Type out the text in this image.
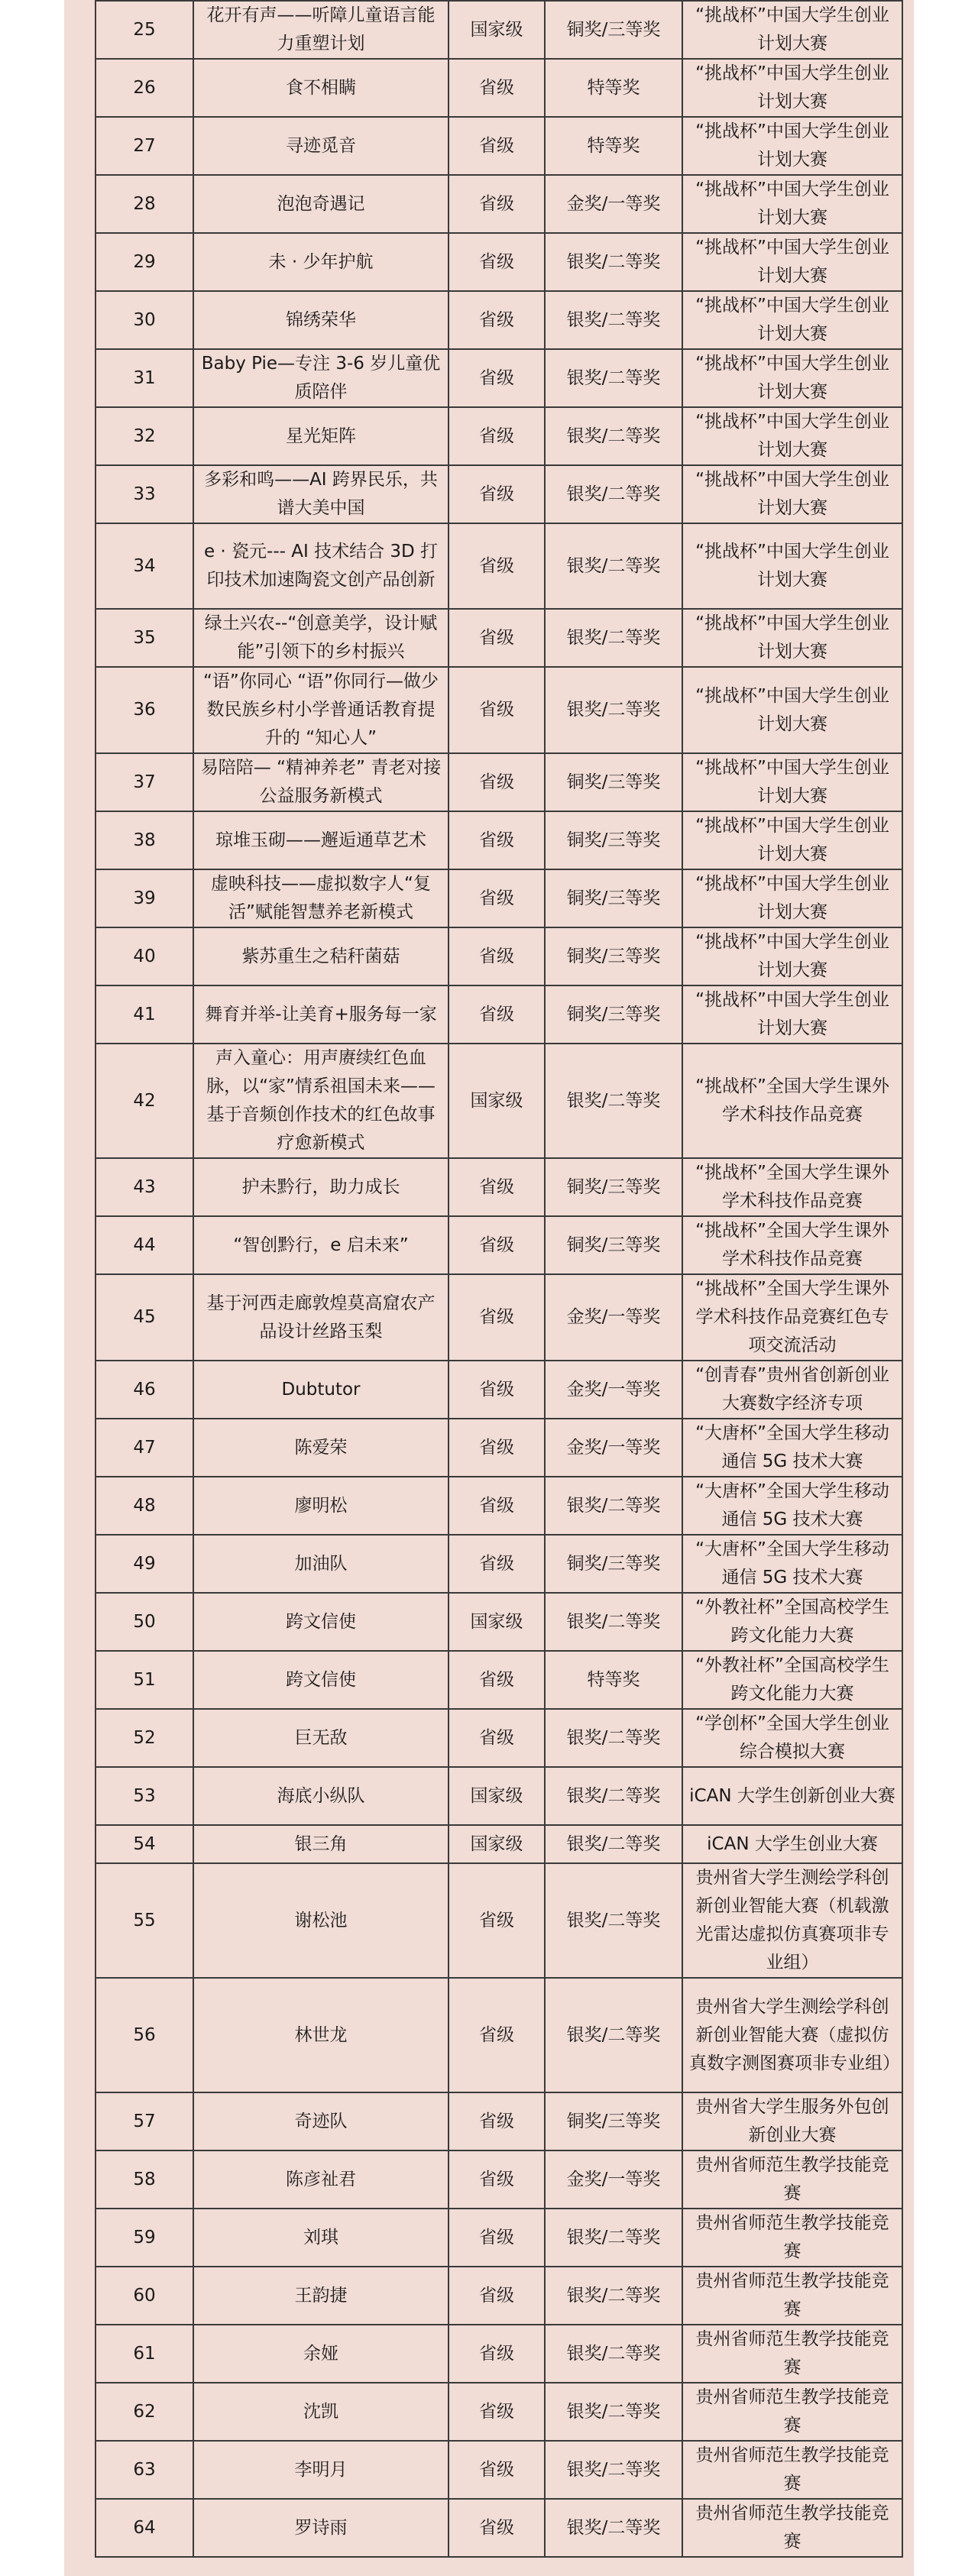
25	花开有声——听障儿童语言能力重塑计划	国家级	铜奖/三等奖	“挑战杯”中国大学生创业计划大赛
26	食不相瞒	省级	特等奖	“挑战杯”中国大学生创业计划大赛
27	寻迹觅音	省级	特等奖	“挑战杯”中国大学生创业计划大赛
28	泡泡奇遇记	省级	金奖/一等奖	“挑战杯”中国大学生创业计划大赛
29	未 · 少年护航	省级	银奖/二等奖	“挑战杯”中国大学生创业计划大赛
30	锦绣荣华	省级	银奖/二等奖	“挑战杯”中国大学生创业计划大赛
31	Baby Pie—专注 3-6 岁儿童优质陪伴	省级	银奖/二等奖	“挑战杯”中国大学生创业计划大赛
32	星光矩阵	省级	银奖/二等奖	“挑战杯”中国大学生创业计划大赛
33	多彩和鸣——AI 跨界民乐，共谱大美中国	省级	银奖/二等奖	“挑战杯”中国大学生创业计划大赛
34	e · 瓷元--- AI 技术结合 3D 打印技术加速陶瓷文创产品创新	省级	银奖/二等奖	“挑战杯”中国大学生创业计划大赛
35	绿土兴农--“创意美学，设计赋能”引领下的乡村振兴	省级	银奖/二等奖	“挑战杯”中国大学生创业计划大赛
36	“语”你同心 “语”你同行—做少数民族乡村小学普通话教育提升的 “知心人”	省级	银奖/二等奖	“挑战杯”中国大学生创业计划大赛
37	易陪陪— “精神养老” 青老对接公益服务新模式	省级	铜奖/三等奖	“挑战杯”中国大学生创业计划大赛
38	琼堆玉砌——邂逅通草艺术	省级	铜奖/三等奖	“挑战杯”中国大学生创业计划大赛
39	虚映科技——虚拟数字人“复活”赋能智慧养老新模式	省级	铜奖/三等奖	“挑战杯”中国大学生创业计划大赛
40	紫苏重生之秸秆菌菇	省级	铜奖/三等奖	“挑战杯”中国大学生创业计划大赛
41	舞育并举-让美育+服务每一家	省级	铜奖/三等奖	“挑战杯”中国大学生创业计划大赛
42	声入童心：用声赓续红色血脉，以“家”情系祖国未来——基于音频创作技术的红色故事疗愈新模式	国家级	银奖/二等奖	“挑战杯”全国大学生课外学术科技作品竞赛
43	护未黔行，助力成长	省级	铜奖/三等奖	“挑战杯”全国大学生课外学术科技作品竞赛
44	“智创黔行，e 启未来”	省级	铜奖/三等奖	“挑战杯”全国大学生课外学术科技作品竞赛
45	基于河西走廊敦煌莫高窟农产品设计丝路玉梨	省级	金奖/一等奖	“挑战杯”全国大学生课外学术科技作品竞赛红色专项交流活动
46	Dubtutor	省级	金奖/一等奖	“创青春”贵州省创新创业大赛数字经济专项
47	陈爱荣	省级	金奖/一等奖	“大唐杯”全国大学生移动通信 5G 技术大赛
48	廖明松	省级	银奖/二等奖	“大唐杯”全国大学生移动通信 5G 技术大赛
49	加油队	省级	铜奖/三等奖	“大唐杯”全国大学生移动通信 5G 技术大赛
50	跨文信使	国家级	银奖/二等奖	“外教社杯”全国高校学生跨文化能力大赛
51	跨文信使	省级	特等奖	“外教社杯”全国高校学生跨文化能力大赛
52	巨无敌	省级	银奖/二等奖	“学创杯”全国大学生创业综合模拟大赛
53	海底小纵队	国家级	银奖/二等奖	iCAN 大学生创新创业大赛
54	银三角	国家级	银奖/二等奖	iCAN 大学生创业大赛
55	谢松池	省级	银奖/二等奖	贵州省大学生测绘学科创新创业智能大赛（机载激光雷达虚拟仿真赛项非专业组）
56	林世龙	省级	银奖/二等奖	贵州省大学生测绘学科创新创业智能大赛（虚拟仿真数字测图赛项非专业组）
57	奇迹队	省级	铜奖/三等奖	贵州省大学生服务外包创新创业大赛
58	陈彦祉君	省级	金奖/一等奖	贵州省师范生教学技能竞赛
59	刘琪	省级	银奖/二等奖	贵州省师范生教学技能竞赛
60	王韵捷	省级	银奖/二等奖	贵州省师范生教学技能竞赛
61	余娅	省级	银奖/二等奖	贵州省师范生教学技能竞赛
62	沈凯	省级	银奖/二等奖	贵州省师范生教学技能竞赛
63	李明月	省级	银奖/二等奖	贵州省师范生教学技能竞赛
64	罗诗雨	省级	银奖/二等奖	贵州省师范生教学技能竞赛
